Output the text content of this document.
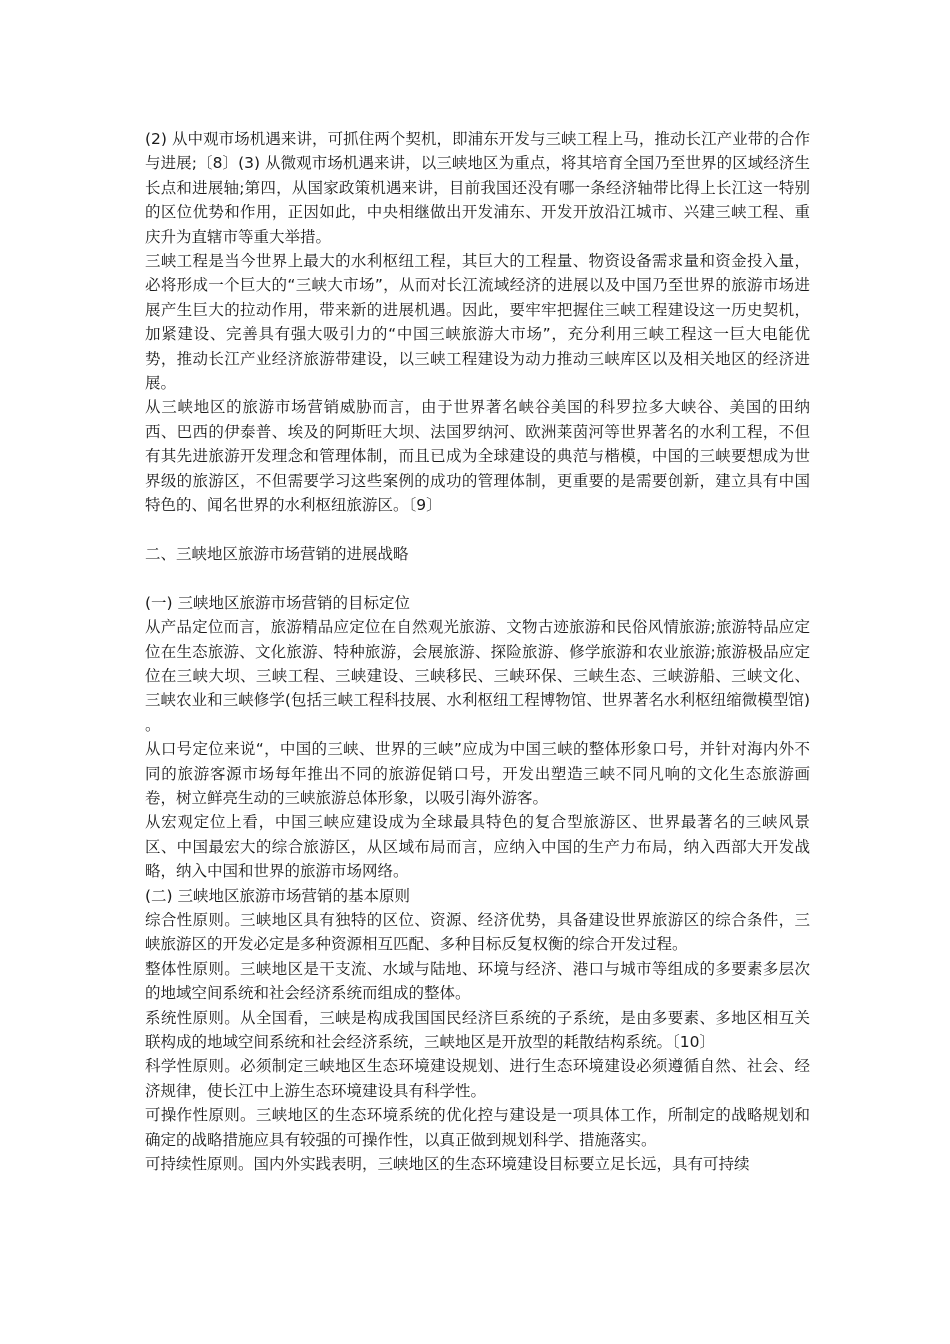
(2) 从中观市场机遇来讲，可抓住两个契机，即浦东开发与三峡工程上马，推动长江产业带的合作与进展;〔8〕(3) 从微观市场机遇来讲，以三峡地区为重点，将其培育全国乃至世界的区域经济生长点和进展轴;第四，从国家政策机遇来讲，目前我国还没有哪一条经济轴带比得上长江这一特别的区位优势和作用，正因如此，中央相继做出开发浦东、开发开放沿江城市、兴建三峡工程、重庆升为直辖市等重大举措。

三峡工程是当今世界上最大的水利枢纽工程，其巨大的工程量、物资设备需求量和资金投入量，必将形成一个巨大的“三峡大市场”，从而对长江流域经济的进展以及中国乃至世界的旅游市场进展产生巨大的拉动作用，带来新的进展机遇。因此，要牢牢把握住三峡工程建设这一历史契机，加紧建设、完善具有强大吸引力的“中国三峡旅游大市场”，充分利用三峡工程这一巨大电能优势，推动长江产业经济旅游带建设，以三峡工程建设为动力推动三峡库区以及相关地区的经济进展。

从三峡地区的旅游市场营销威胁而言，由于世界著名峡谷美国的科罗拉多大峡谷、美国的田纳西、巴西的伊泰普、埃及的阿斯旺大坝、法国罗纳河、欧洲莱茵河等世界著名的水利工程，不但有其先进旅游开发理念和管理体制，而且已成为全球建设的典范与楷模，中国的三峡要想成为世界级的旅游区，不但需要学习这些案例的成功的管理体制，更重要的是需要创新，建立具有中国特色的、闻名世界的水利枢纽旅游区。〔9〕

二、三峡地区旅游市场营销的进展战略

(一) 三峡地区旅游市场营销的目标定位

从产品定位而言，旅游精品应定位在自然观光旅游、文物古迹旅游和民俗风情旅游;旅游特品应定位在生态旅游、文化旅游、特种旅游，会展旅游、探险旅游、修学旅游和农业旅游;旅游极品应定位在三峡大坝、三峡工程、三峡建设、三峡移民、三峡环保、三峡生态、三峡游船、三峡文化、三峡农业和三峡修学(包括三峡工程科技展、水利枢纽工程博物馆、世界著名水利枢纽缩微模型馆) 。

从口号定位来说“，中国的三峡、世界的三峡”应成为中国三峡的整体形象口号，并针对海内外不同的旅游客源市场每年推出不同的旅游促销口号，开发出塑造三峡不同凡响的文化生态旅游画卷，树立鲜亮生动的三峡旅游总体形象，以吸引海外游客。

从宏观定位上看，中国三峡应建设成为全球最具特色的复合型旅游区、世界最著名的三峡风景区、中国最宏大的综合旅游区，从区域布局而言，应纳入中国的生产力布局，纳入西部大开发战略，纳入中国和世界的旅游市场网络。

(二) 三峡地区旅游市场营销的基本原则

综合性原则。三峡地区具有独特的区位、资源、经济优势，具备建设世界旅游区的综合条件，三峡旅游区的开发必定是多种资源相互匹配、多种目标反复权衡的综合开发过程。

整体性原则。三峡地区是干支流、水域与陆地、环境与经济、港口与城市等组成的多要素多层次的地域空间系统和社会经济系统而组成的整体。

系统性原则。从全国看，三峡是构成我国国民经济巨系统的子系统，是由多要素、多地区相互关联构成的地域空间系统和社会经济系统，三峡地区是开放型的耗散结构系统。〔10〕

科学性原则。必须制定三峡地区生态环境建设规划、进行生态环境建设必须遵循自然、社会、经济规律，使长江中上游生态环境建设具有科学性。

可操作性原则。三峡地区的生态环境系统的优化控与建设是一项具体工作，所制定的战略规划和确定的战略措施应具有较强的可操作性，以真正做到规划科学、措施落实。

可持续性原则。国内外实践表明，三峡地区的生态环境建设目标要立足长远，具有可持续
